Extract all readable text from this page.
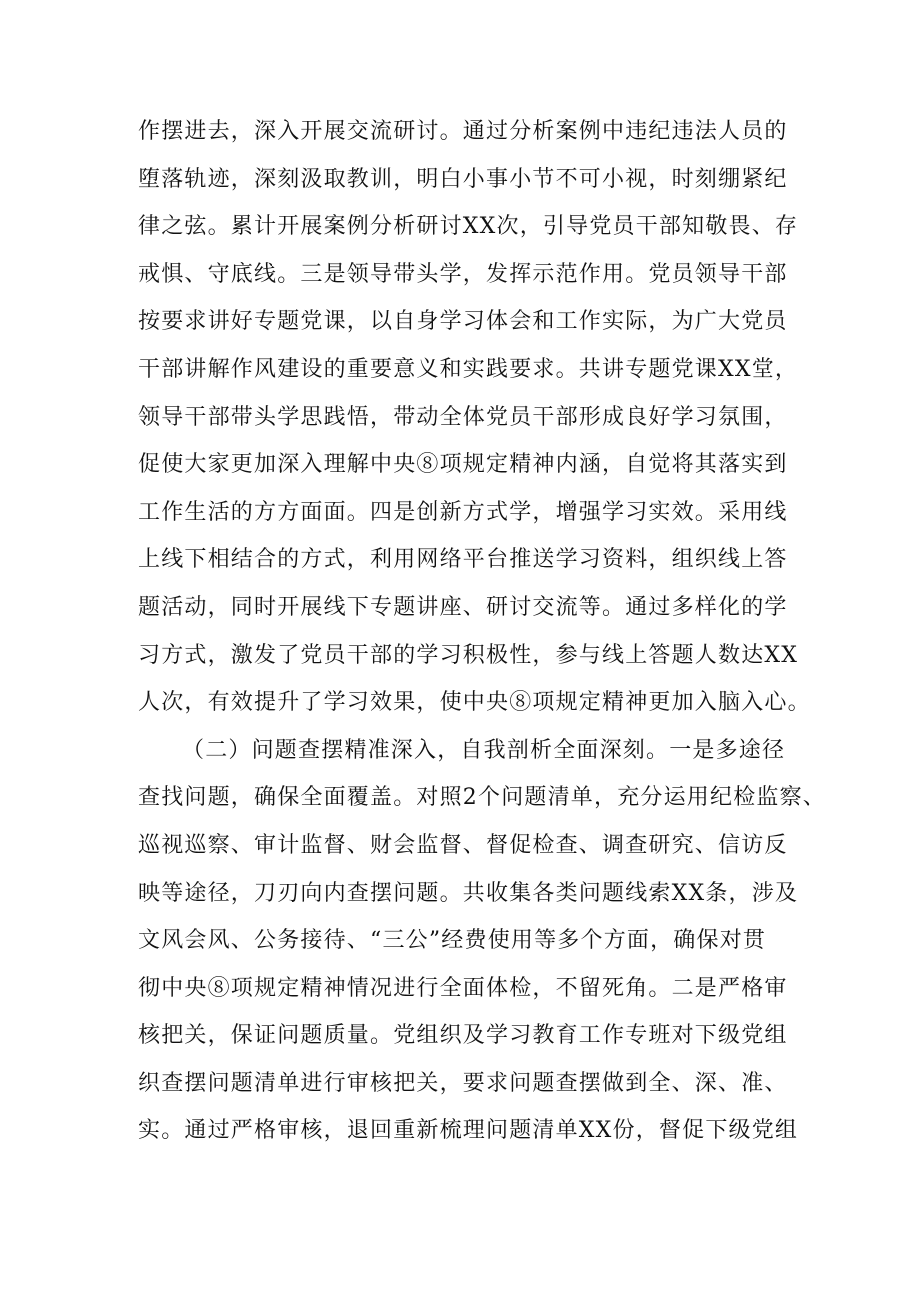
作摆进去，深入开展交流研讨。通过分析案例中违纪违法人员的
堕落轨迹，深刻汲取教训，明白小事小节不可小视，时刻绷紧纪
律之弦。累计开展案例分析研讨XX次，引导党员干部知敬畏、存
戒惧、守底线。三是领导带头学，发挥示范作用。党员领导干部
按要求讲好专题党课，以自身学习体会和工作实际，为广大党员
干部讲解作风建设的重要意义和实践要求。共讲专题党课XX堂，
领导干部带头学思践悟，带动全体党员干部形成良好学习氛围，
促使大家更加深入理解中央⑧项规定精神内涵，自觉将其落实到
工作生活的方方面面。四是创新方式学，增强学习实效。采用线
上线下相结合的方式，利用网络平台推送学习资料，组织线上答
题活动，同时开展线下专题讲座、研讨交流等。通过多样化的学
习方式，激发了党员干部的学习积极性，参与线上答题人数达XX
人次，有效提升了学习效果，使中央⑧项规定精神更加入脑入心。
（二）问题查摆精准深入，自我剖析全面深刻。一是多途径
查找问题，确保全面覆盖。对照2个问题清单，充分运用纪检监察、
巡视巡察、审计监督、财会监督、督促检查、调查研究、信访反
映等途径，刀刃向内查摆问题。共收集各类问题线索XX条，涉及
文风会风、公务接待、“三公”经费使用等多个方面，确保对贯
彻中央⑧项规定精神情况进行全面体检，不留死角。二是严格审
核把关，保证问题质量。党组织及学习教育工作专班对下级党组
织查摆问题清单进行审核把关，要求问题查摆做到全、深、准、
实。通过严格审核，退回重新梳理问题清单XX份，督促下级党组
